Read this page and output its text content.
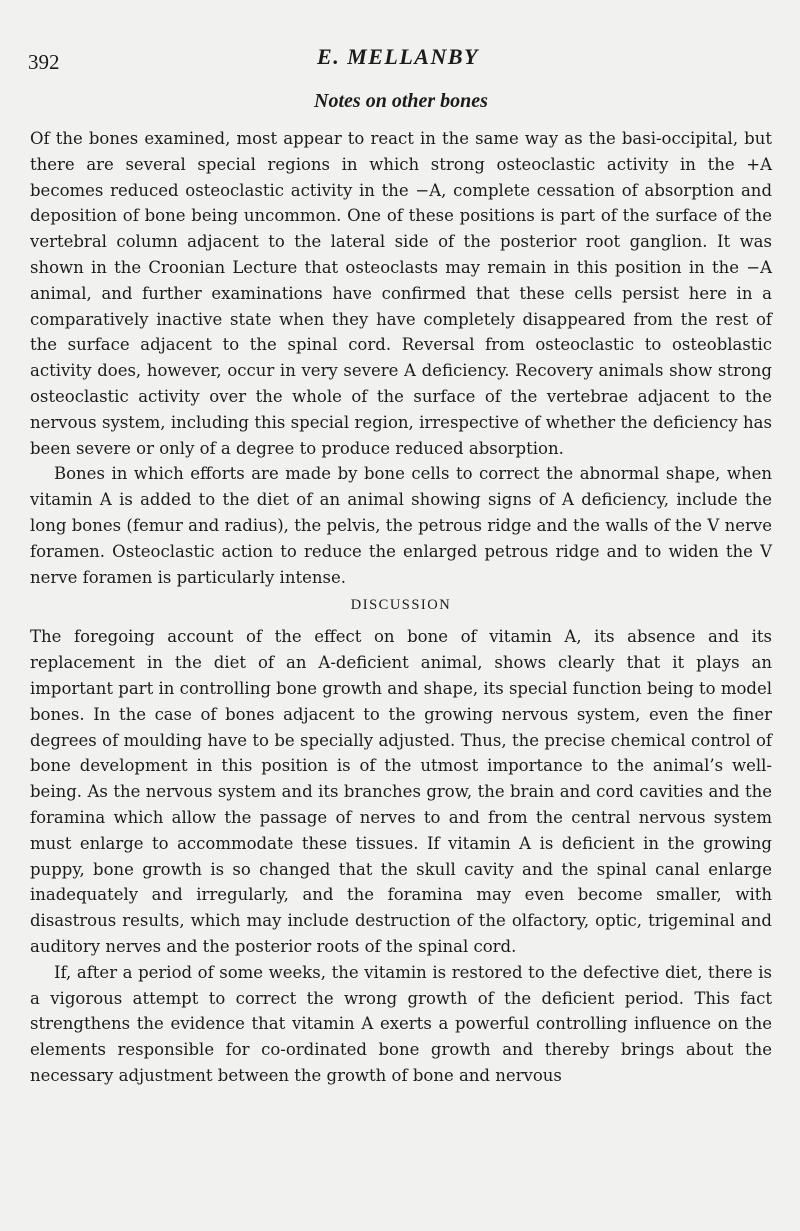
392	E. MELLANBY
Notes on other bones

Of the bones examined, most appear to react in the same way as the basi-occipital, but there are several special regions in which strong osteoclastic activity in the +A becomes reduced osteoclastic activity in the −A, complete cessation of absorption and deposition of bone being uncommon. One of these positions is part of the surface of the vertebral column adjacent to the lateral side of the posterior root ganglion. It was shown in the Croonian Lecture that osteoclasts may remain in this position in the −A animal, and further examinations have confirmed that these cells persist here in a comparatively inactive state when they have completely disappeared from the rest of the surface adjacent to the spinal cord. Reversal from osteoclastic to osteoblastic activity does, however, occur in very severe A deficiency. Recovery animals show strong osteoclastic activity over the whole of the surface of the vertebrae adjacent to the nervous system, including this special region, irrespective of whether the deficiency has been severe or only of a degree to produce reduced absorption.

Bones in which efforts are made by bone cells to correct the abnormal shape, when vitamin A is added to the diet of an animal showing signs of A deficiency, include the long bones (femur and radius), the pelvis, the petrous ridge and the walls of the V nerve foramen. Osteoclastic action to reduce the enlarged petrous ridge and to widen the V nerve foramen is particularly intense.

DISCUSSION

The foregoing account of the effect on bone of vitamin A, its absence and its replacement in the diet of an A-deficient animal, shows clearly that it plays an important part in controlling bone growth and shape, its special function being to model bones. In the case of bones adjacent to the growing nervous system, even the finer degrees of moulding have to be specially adjusted. Thus, the precise chemical control of bone development in this position is of the utmost importance to the animal’s well-being. As the nervous system and its branches grow, the brain and cord cavities and the foramina which allow the passage of nerves to and from the central nervous system must enlarge to accommodate these tissues. If vitamin A is deficient in the growing puppy, bone growth is so changed that the skull cavity and the spinal canal enlarge inadequately and irregularly, and the foramina may even become smaller, with disastrous results, which may include destruction of the olfactory, optic, trigeminal and auditory nerves and the posterior roots of the spinal cord.

If, after a period of some weeks, the vitamin is restored to the defective diet, there is a vigorous attempt to correct the wrong growth of the deficient period. This fact strengthens the evidence that vitamin A exerts a powerful controlling influence on the elements responsible for co-ordinated bone growth and thereby brings about the necessary adjustment between the growth of bone and nervous
